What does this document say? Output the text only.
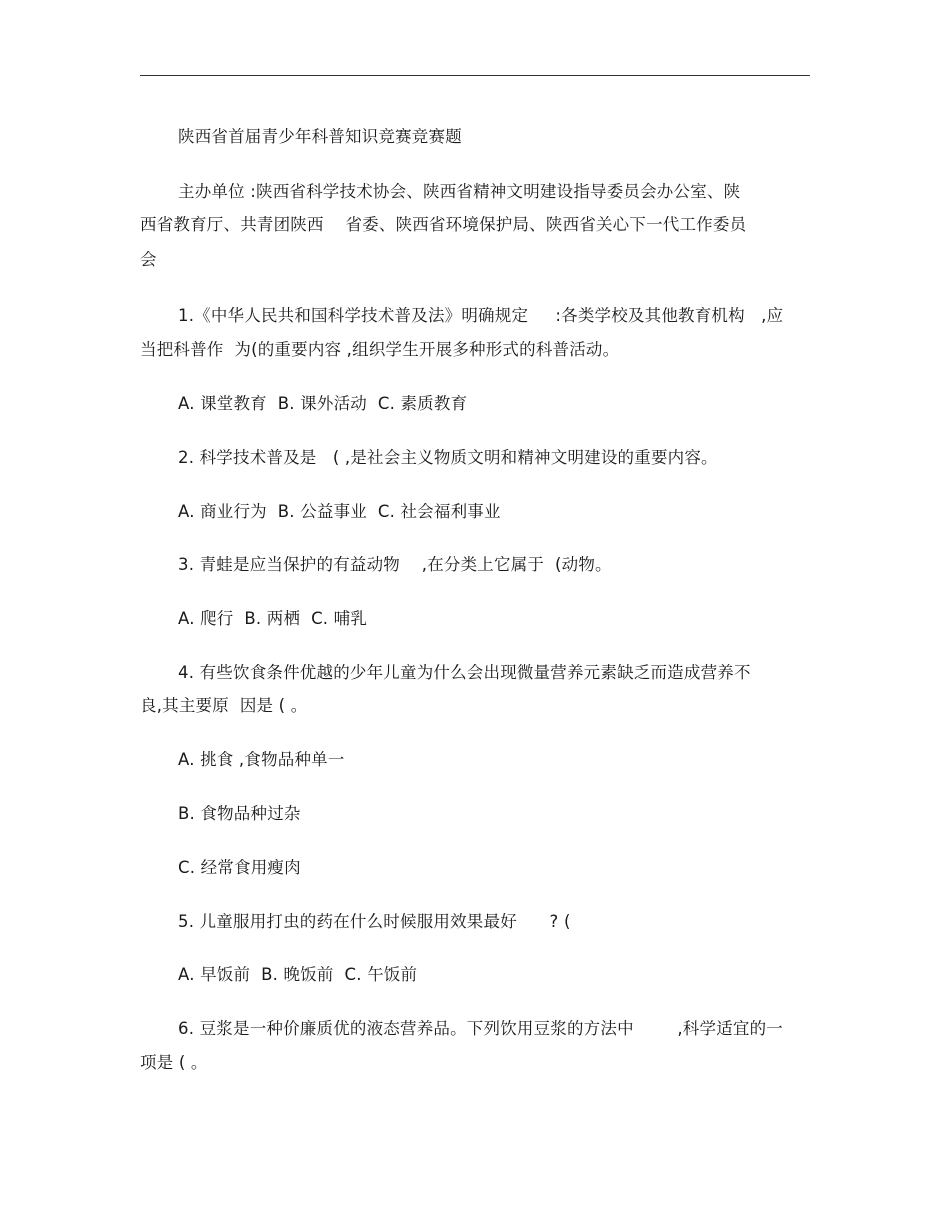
陕西省首届青少年科普知识竞赛竞赛题
主办单位 :陕西省科学技术协会、陕西省精神文明建设指导委员会办公室、陕
西省教育厅、共青团陕西    省委、陕西省环境保护局、陕西省关心下一代工作委员
会
1.《中华人民共和国科学技术普及法》明确规定     :各类学校及其他教育机构   ,应
当把科普作  为(的重要内容 ,组织学生开展多种形式的科普活动。
A. 课堂教育  B. 课外活动  C. 素质教育
2. 科学技术普及是   ( ,是社会主义物质文明和精神文明建设的重要内容。
A. 商业行为  B. 公益事业  C. 社会福利事业
3. 青蛙是应当保护的有益动物    ,在分类上它属于  (动物。
A. 爬行  B. 两栖  C. 哺乳
4. 有些饮食条件优越的少年儿童为什么会出现微量营养元素缺乏而造成营养不
良,其主要原  因是 ( 。
A. 挑食 ,食物品种单一
B. 食物品种过杂
C. 经常食用瘦肉
5. 儿童服用打虫的药在什么时候服用效果最好      ? (
A. 早饭前  B. 晚饭前  C. 午饭前
6. 豆浆是一种价廉质优的液态营养品。下列饮用豆浆的方法中        ,科学适宜的一
项是 ( 。
